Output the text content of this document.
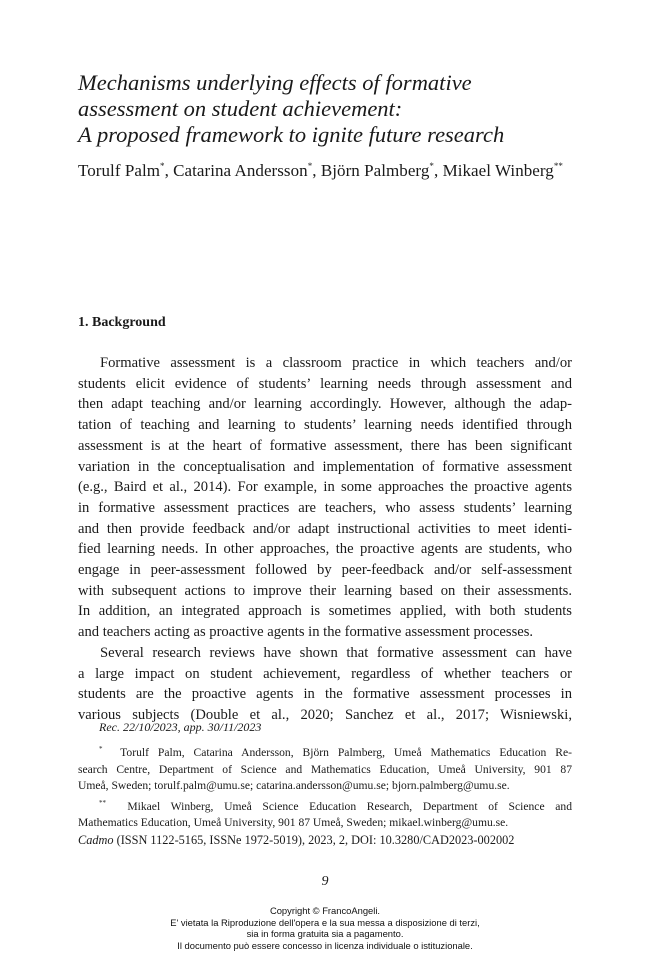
Mechanisms underlying effects of formative
assessment on student achievement:
A proposed framework to ignite future research
Torulf Palm*, Catarina Andersson*, Björn Palmberg*, Mikael Winberg**
1. Background
Formative assessment is a classroom practice in which teachers and/or
students elicit evidence of students’ learning needs through assessment and
then adapt teaching and/or learning accordingly. However, although the adap-
tation of teaching and learning to students’ learning needs identified through
assessment is at the heart of formative assessment, there has been significant
variation in the conceptualisation and implementation of formative assessment
(e.g., Baird et al., 2014). For example, in some approaches the proactive agents
in formative assessment practices are teachers, who assess students’ learning
and then provide feedback and/or adapt instructional activities to meet identi-
fied learning needs. In other approaches, the proactive agents are students, who
engage in peer-assessment followed by peer-feedback and/or self-assessment
with subsequent actions to improve their learning based on their assessments.
In addition, an integrated approach is sometimes applied, with both students
and teachers acting as proactive agents in the formative assessment processes.
Several research reviews have shown that formative assessment can have
a large impact on student achievement, regardless of whether teachers or
students are the proactive agents in the formative assessment processes in
various subjects (Double et al., 2020; Sanchez et al., 2017; Wisniewski,
Rec. 22/10/2023, app. 30/11/2023
* Torulf Palm, Catarina Andersson, Björn Palmberg, Umeå Mathematics Education Re-
search Centre, Department of Science and Mathematics Education, Umeå University, 901 87
Umeå, Sweden; torulf.palm@umu.se; catarina.andersson@umu.se; bjorn.palmberg@umu.se.
** Mikael Winberg, Umeå Science Education Research, Department of Science and
Mathematics Education, Umeå University, 901 87 Umeå, Sweden; mikael.winberg@umu.se.
Cadmo (ISSN 1122-5165, ISSNe 1972-5019), 2023, 2, DOI: 10.3280/CAD2023-002002
9
Copyright © FrancoAngeli.
E' vietata la Riproduzione dell'opera e la sua messa a disposizione di terzi,
sia in forma gratuita sia a pagamento.
Il documento può essere concesso in licenza individuale o istituzionale.
